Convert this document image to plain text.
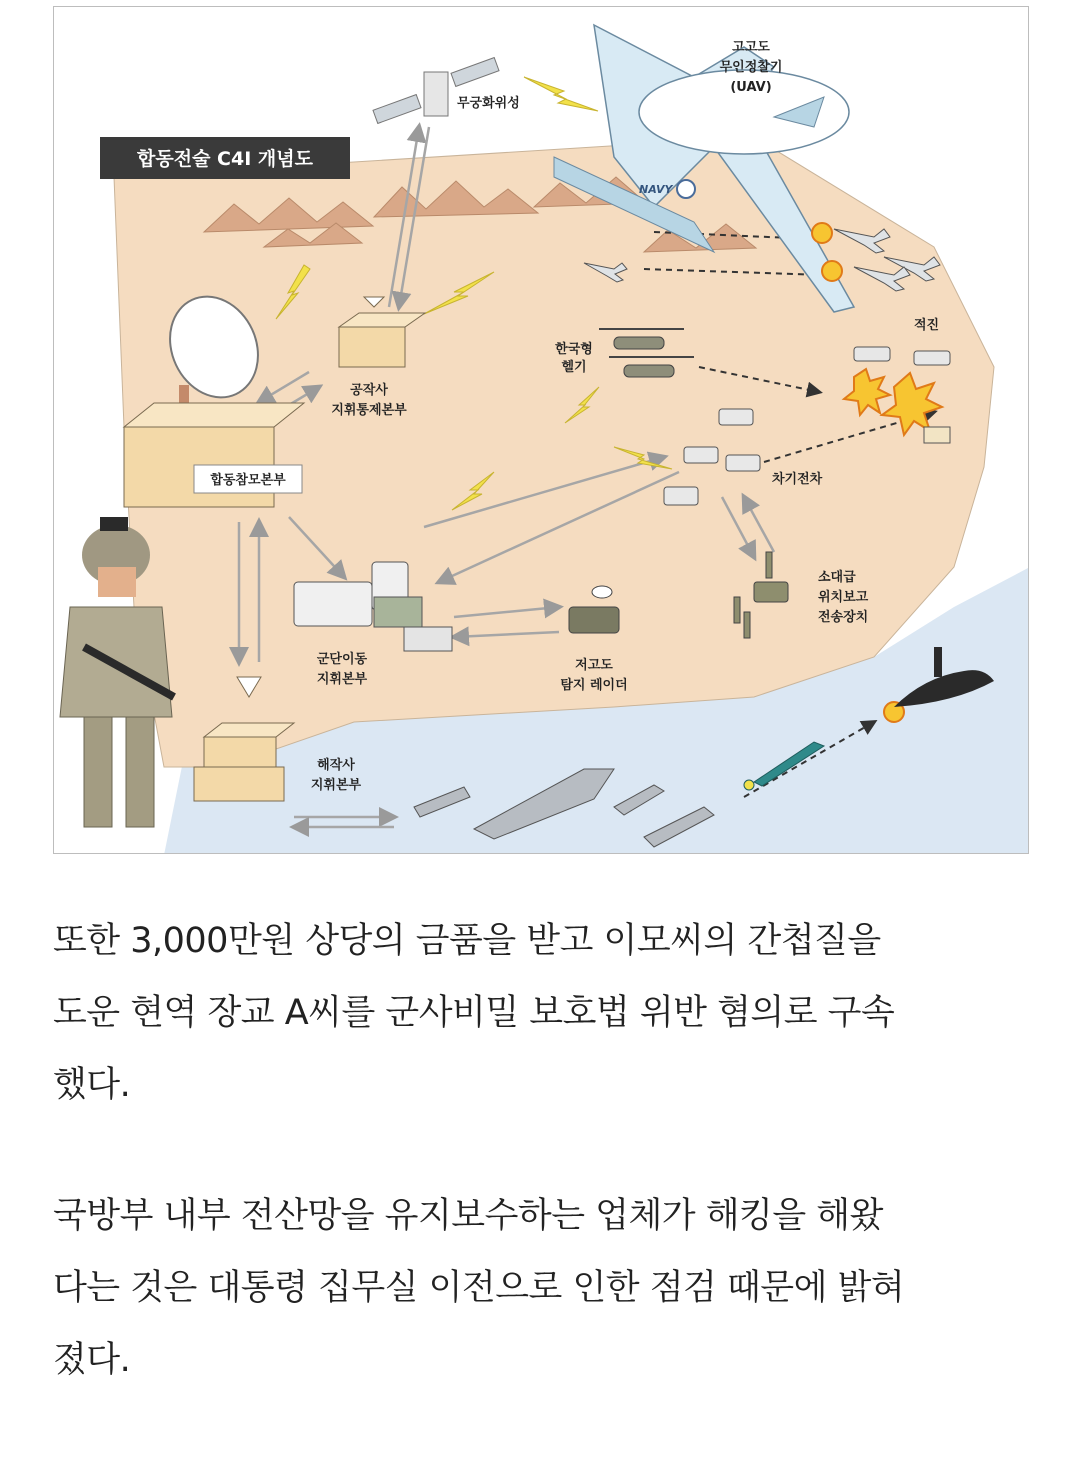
합동전술 C4I 개념도
무궁화위성
NAVY
고고도
무인정찰기
(UAV)
적진
한국형
헬기
차기전차
소대급
위치보고
전송장치
공작사
지휘통제본부
합동참모본부
군단이동
지휘본부
저고도
탐지 레이더
해작사
지휘본부

또한 3,000만원 상당의 금품을 받고 이모씨의 간첩질을
도운 현역 장교 A씨를 군사비밀 보호법 위반 혐의로 구속
했다.

국방부 내부 전산망을 유지보수하는 업체가 해킹을 해왔
다는 것은 대통령 집무실 이전으로 인한 점검 때문에 밝혀
졌다.
